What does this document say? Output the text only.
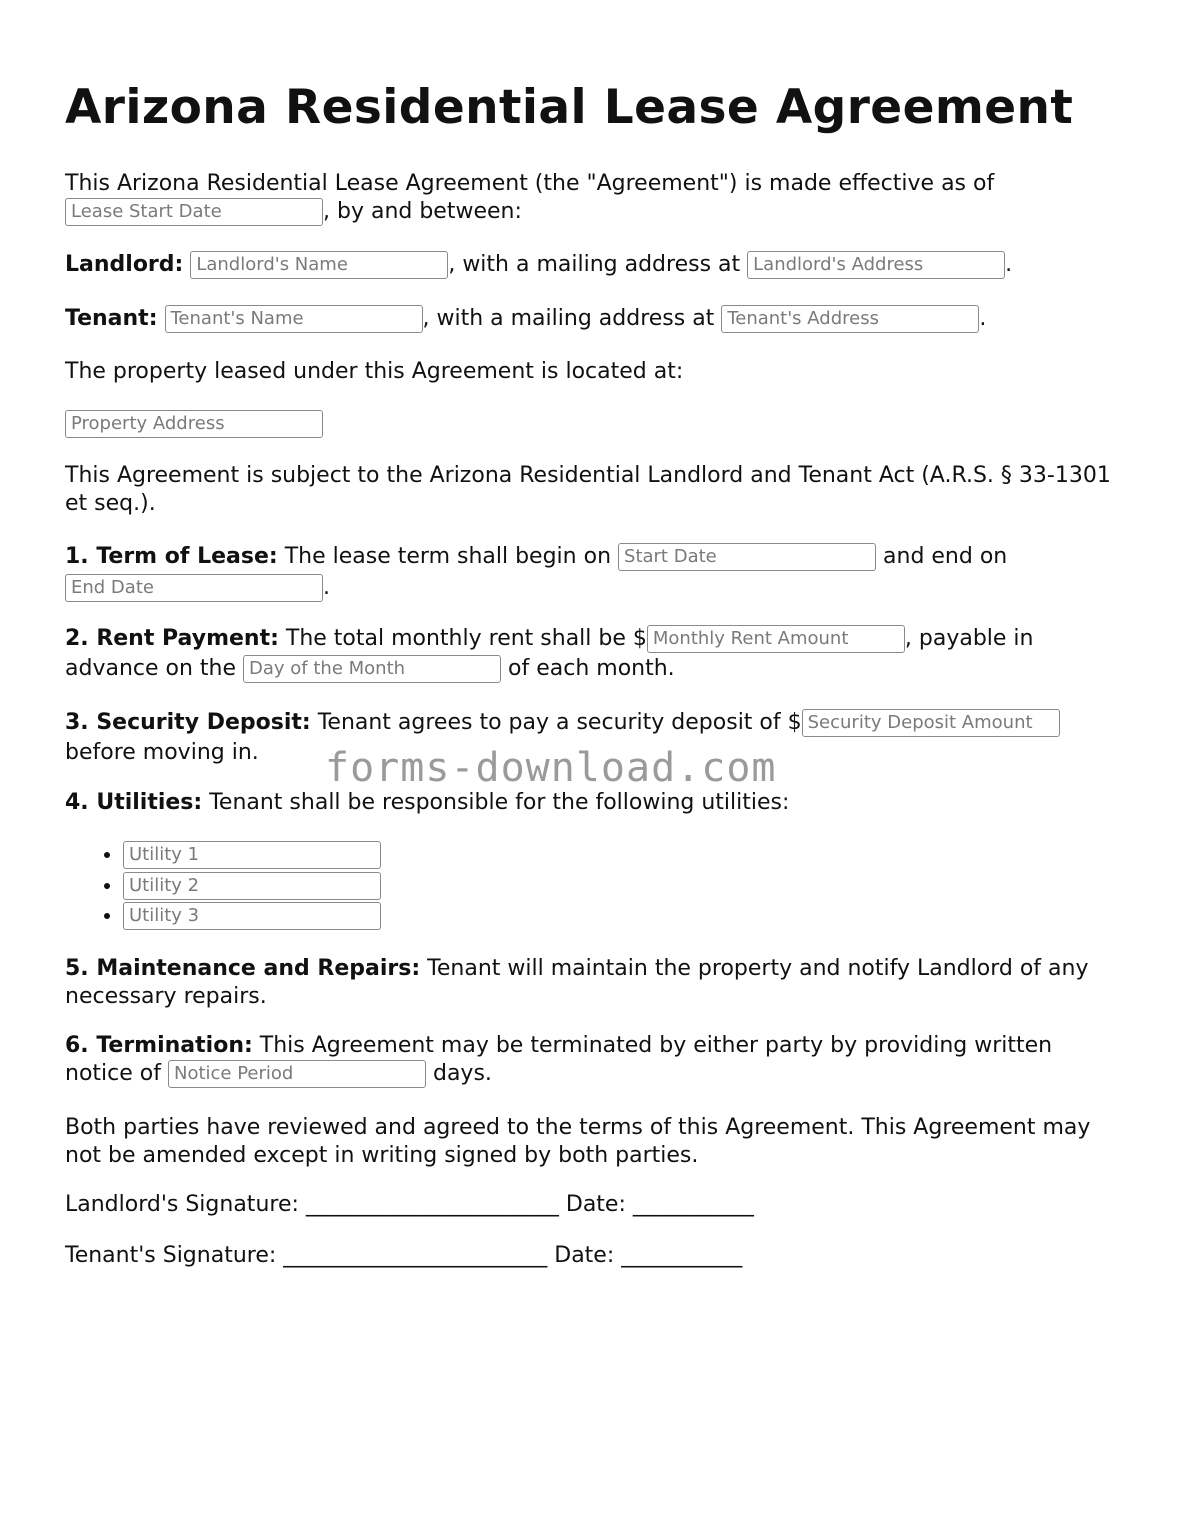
Arizona Residential Lease Agreement

This Arizona Residential Lease Agreement (the "Agreement") is made effective as of
Lease Start Date	, by and between:

Landlord: Landlord's Name	, with a mailing address at Landlord's Address	.

Tenant: Tenant's Name	, with a mailing address at Tenant's Address	.

The property leased under this Agreement is located at:

Property Address

This Agreement is subject to the Arizona Residential Landlord and Tenant Act (A.R.S. § 33-1301 et seq.).

1. Term of Lease: The lease term shall begin on Start Date	and end on
End Date	.

2. Rent Payment: The total monthly rent shall be $ Monthly Rent Amount	, payable in advance on the Day of the Month	of each month.

3. Security Deposit: Tenant agrees to pay a security deposit of $ Security Deposit Amount before moving in.	forms-download.com

4. Utilities: Tenant shall be responsible for the following utilities:

• Utility 1
• Utility 2
• Utility 3

5. Maintenance and Repairs: Tenant will maintain the property and notify Landlord of any necessary repairs.

6. Termination: This Agreement may be terminated by either party by providing written notice of Notice Period	days.

Both parties have reviewed and agreed to the terms of this Agreement. This Agreement may not be amended except in writing signed by both parties.

Landlord's Signature: _______________________ Date: ___________

Tenant's Signature: ________________________ Date: ___________
